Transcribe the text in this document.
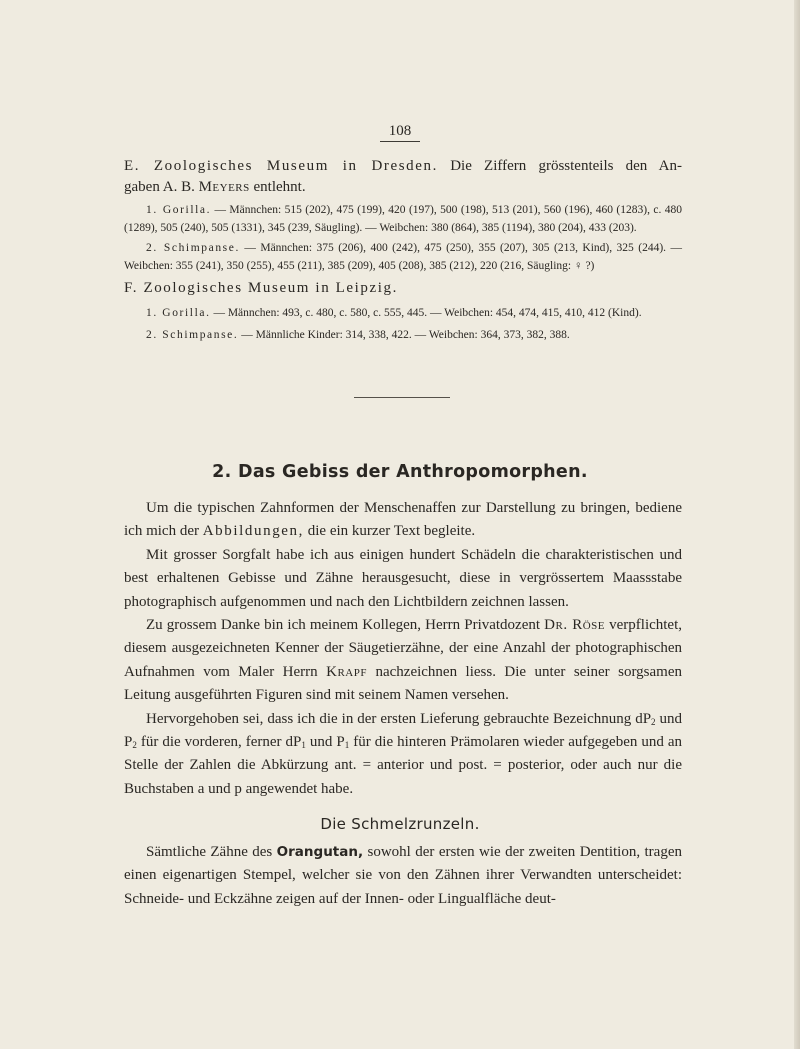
108
E. Zoologisches Museum in Dresden. Die Ziffern grösstenteils den An-
gaben A. B. Meyers entlehnt.
1. Gorilla. — Männchen: 515 (202), 475 (199), 420 (197), 500 (198), 513 (201), 560 (196), 460 (1283), c. 480 (1289), 505 (240), 505 (1331), 345 (239, Säugling). — Weibchen: 380 (864), 385 (1194), 380 (204), 433 (203).
2. Schimpanse. — Männchen: 375 (206), 400 (242), 475 (250), 355 (207), 305 (213, Kind), 325 (244). — Weibchen: 355 (241), 350 (255), 455 (211), 385 (209), 405 (208), 385 (212), 220 (216, Säugling: ♀ ?)
F. Zoologisches Museum in Leipzig.
1. Gorilla. — Männchen: 493, c. 480, c. 580, c. 555, 445. — Weibchen: 454, 474, 415, 410, 412 (Kind).
2. Schimpanse. — Männliche Kinder: 314, 338, 422. — Weibchen: 364, 373, 382, 388.
2. Das Gebiss der Anthropomorphen.

Um die typischen Zahnformen der Menschenaffen zur Darstellung zu bringen, bediene ich mich der Abbildungen, die ein kurzer Text begleite.

Mit grosser Sorgfalt habe ich aus einigen hundert Schädeln die charakteristischen und best erhaltenen Gebisse und Zähne herausgesucht, diese in vergrössertem Maassstabe photographisch aufgenommen und nach den Lichtbildern zeichnen lassen.

Zu grossem Danke bin ich meinem Kollegen, Herrn Privatdozent Dr. Röse verpflichtet, diesem ausgezeichneten Kenner der Säugetierzähne, der eine Anzahl der photographischen Aufnahmen vom Maler Herrn Krapf nachzeichnen liess. Die unter seiner sorgsamen Leitung ausgeführten Figuren sind mit seinem Namen versehen.

Hervorgehoben sei, dass ich die in der ersten Lieferung gebrauchte Bezeichnung $dP_2$ und $P_2$ für die vorderen, ferner $dP_1$ und $P_1$ für die hinteren Prämolaren wieder aufgegeben und an Stelle der Zahlen die Abkürzung ant. = anterior und post. = posterior, oder auch nur die Buchstaben a und p angewendet habe.

Die Schmelzrunzeln.

Sämtliche Zähne des Orangutan, sowohl der ersten wie der zweiten Dentition, tragen einen eigenartigen Stempel, welcher sie von den Zähnen ihrer Verwandten unterscheidet: Schneide- und Eckzähne zeigen auf der Innen- oder Lingualfläche deut-
